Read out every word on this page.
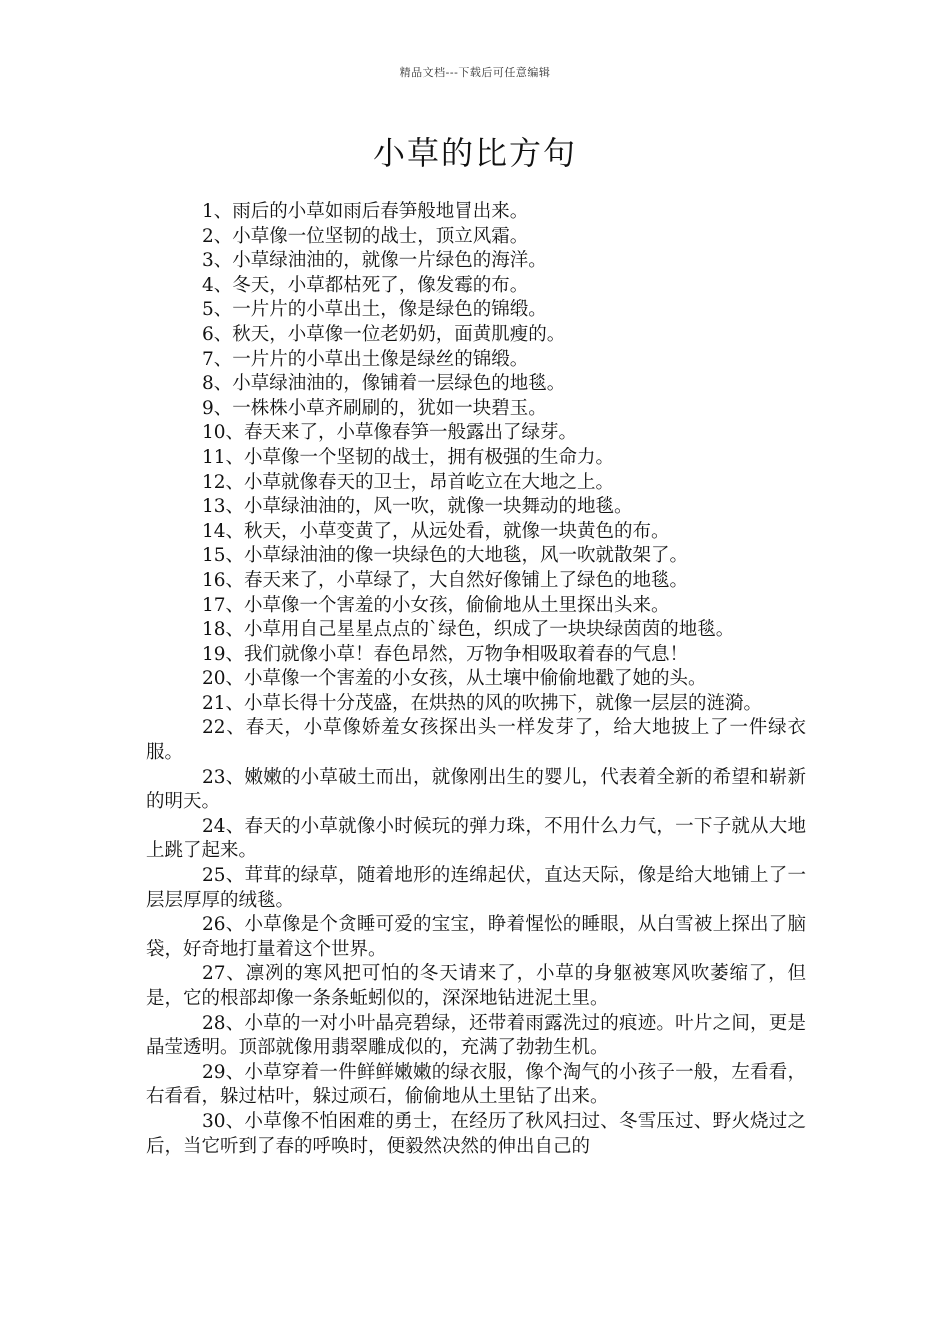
精品文档---下载后可任意编辑
小草的比方句

1、雨后的小草如雨后春笋般地冒出来。

2、小草像一位坚韧的战士，顶立风霜。

3、小草绿油油的，就像一片绿色的海洋。

4、冬天，小草都枯死了，像发霉的布。

5、一片片的小草出土，像是绿色的锦缎。

6、秋天，小草像一位老奶奶，面黄肌瘦的。

7、一片片的小草出土像是绿丝的锦缎。

8、小草绿油油的，像铺着一层绿色的地毯。

9、一株株小草齐刷刷的，犹如一块碧玉。

10、春天来了，小草像春笋一般露出了绿芽。

11、小草像一个坚韧的战士，拥有极强的生命力。

12、小草就像春天的卫士，昂首屹立在大地之上。

13、小草绿油油的，风一吹，就像一块舞动的地毯。

14、秋天，小草变黄了，从远处看，就像一块黄色的布。

15、小草绿油油的像一块绿色的大地毯，风一吹就散架了。

16、春天来了，小草绿了，大自然好像铺上了绿色的地毯。

17、小草像一个害羞的小女孩，偷偷地从土里探出头来。

18、小草用自己星星点点的`绿色，织成了一块块绿茵茵的地毯。

19、我们就像小草！春色昂然，万物争相吸取着春的气息！

20、小草像一个害羞的小女孩，从土壤中偷偷地戳了她的头。

21、小草长得十分茂盛，在烘热的风的吹拂下，就像一层层的涟漪。

22、春天，小草像娇羞女孩探出头一样发芽了，给大地披上了一件绿衣服。

23、嫩嫩的小草破土而出，就像刚出生的婴儿，代表着全新的希望和崭新的明天。

24、春天的小草就像小时候玩的弹力珠，不用什么力气，一下子就从大地上跳了起来。

25、茸茸的绿草，随着地形的连绵起伏，直达天际，像是给大地铺上了一层层厚厚的绒毯。

26、小草像是个贪睡可爱的宝宝，睁着惺忪的睡眼，从白雪被上探出了脑袋，好奇地打量着这个世界。

27、凛冽的寒风把可怕的冬天请来了，小草的身躯被寒风吹萎缩了，但是，它的根部却像一条条蚯蚓似的，深深地钻进泥土里。

28、小草的一对小叶晶亮碧绿，还带着雨露洗过的痕迹。叶片之间，更是晶莹透明。顶部就像用翡翠雕成似的，充满了勃勃生机。

29、小草穿着一件鲜鲜嫩嫩的绿衣服，像个淘气的小孩子一般，左看看，右看看，躲过枯叶，躲过顽石，偷偷地从土里钻了出来。

30、小草像不怕困难的勇士，在经历了秋风扫过、冬雪压过、野火烧过之后，当它听到了春的呼唤时，便毅然决然的伸出自己的
